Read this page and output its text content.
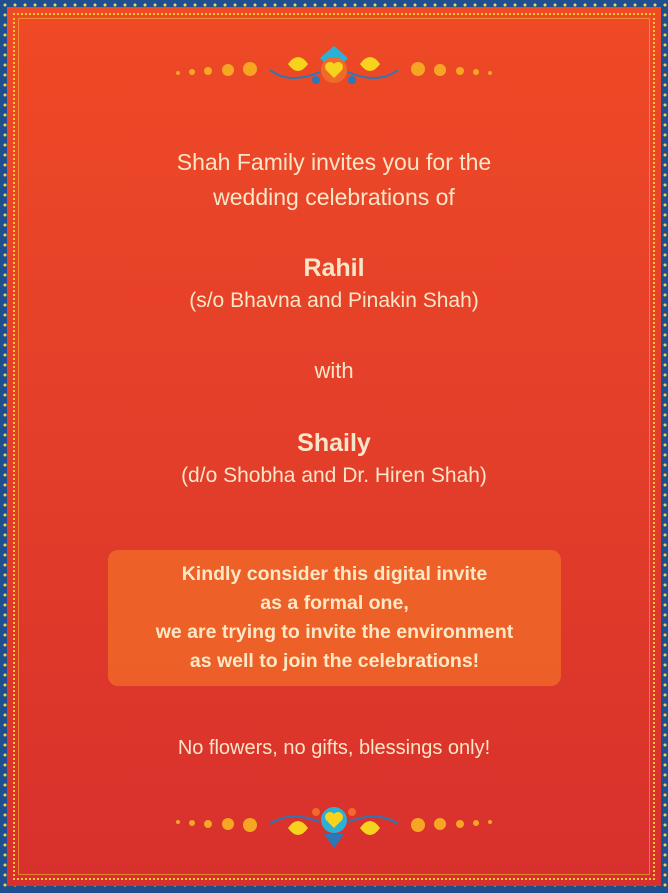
Shah Family invites you for the
wedding celebrations of
Rahil
(s/o Bhavna and Pinakin Shah)
with
Shaily
(d/o Shobha and Dr. Hiren Shah)
Kindly consider this digital invite
as a formal one,
we are trying to invite the environment
as well to join the celebrations!
No flowers, no gifts, blessings only!
